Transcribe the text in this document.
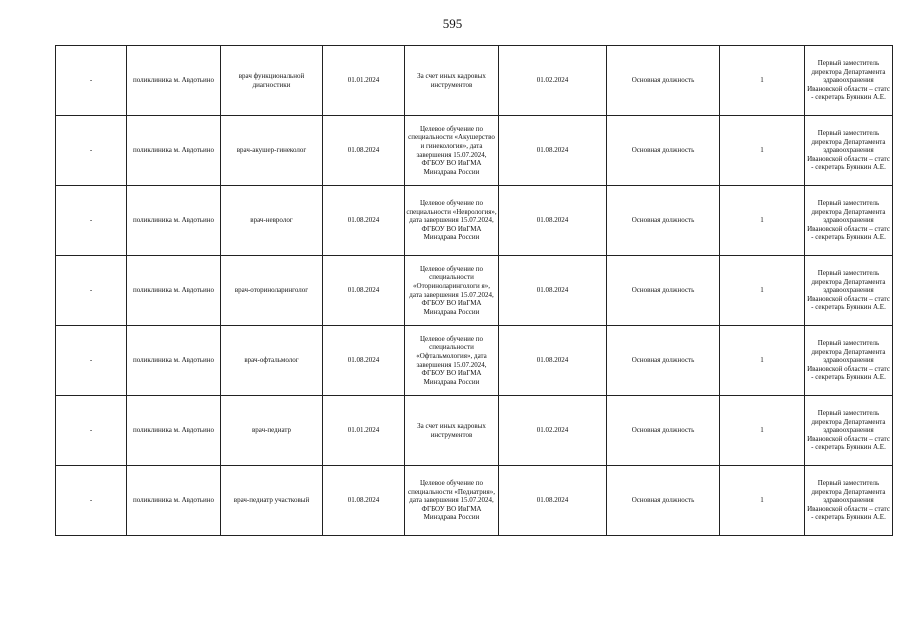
595
-	поликлиника м. Авдотьино	врач функциональной диагностики	01.01.2024	За счет иных кадровых инструментов	01.02.2024	Основная должность	1	Первый заместитель директора Департамента здравоохранения Ивановской области – статс - секретарь Буянкин А.Е.
-	поликлиника м. Авдотьино	врач-акушер-гинеколог	01.08.2024	Целевое обучение по специальности «Акушерство и гинекология», дата завершения 15.07.2024, ФГБОУ ВО ИвГМА Минздрава России	01.08.2024	Основная должность	1	Первый заместитель директора Департамента здравоохранения Ивановской области – статс - секретарь Буянкин А.Е.
-	поликлиника м. Авдотьино	врач-невролог	01.08.2024	Целевое обучение по специальности «Неврология», дата завершения 15.07.2024, ФГБОУ ВО ИвГМА Минздрава России	01.08.2024	Основная должность	1	Первый заместитель директора Департамента здравоохранения Ивановской области – статс - секретарь Буянкин А.Е.
-	поликлиника м. Авдотьино	врач-оториноларинголог	01.08.2024	Целевое обучение по специальности «Оториноларингологи я», дата завершения 15.07.2024, ФГБОУ ВО ИвГМА Минздрава России	01.08.2024	Основная должность	1	Первый заместитель директора Департамента здравоохранения Ивановской области – статс - секретарь Буянкин А.Е.
-	поликлиника м. Авдотьино	врач-офтальмолог	01.08.2024	Целевое обучение по специальности «Офтальмология», дата завершения 15.07.2024, ФГБОУ ВО ИвГМА Минздрава России	01.08.2024	Основная должность	1	Первый заместитель директора Департамента здравоохранения Ивановской области – статс - секретарь Буянкин А.Е.
-	поликлиника м. Авдотьино	врач-педиатр	01.01.2024	За счет иных кадровых инструментов	01.02.2024	Основная должность	1	Первый заместитель директора Департамента здравоохранения Ивановской области – статс - секретарь Буянкин А.Е.
-	поликлиника м. Авдотьино	врач-педиатр участковый	01.08.2024	Целевое обучение по специальности «Педиатрия», дата завершения 15.07.2024, ФГБОУ ВО ИвГМА Минздрава России	01.08.2024	Основная должность	1	Первый заместитель директора Департамента здравоохранения Ивановской области – статс - секретарь Буянкин А.Е.
